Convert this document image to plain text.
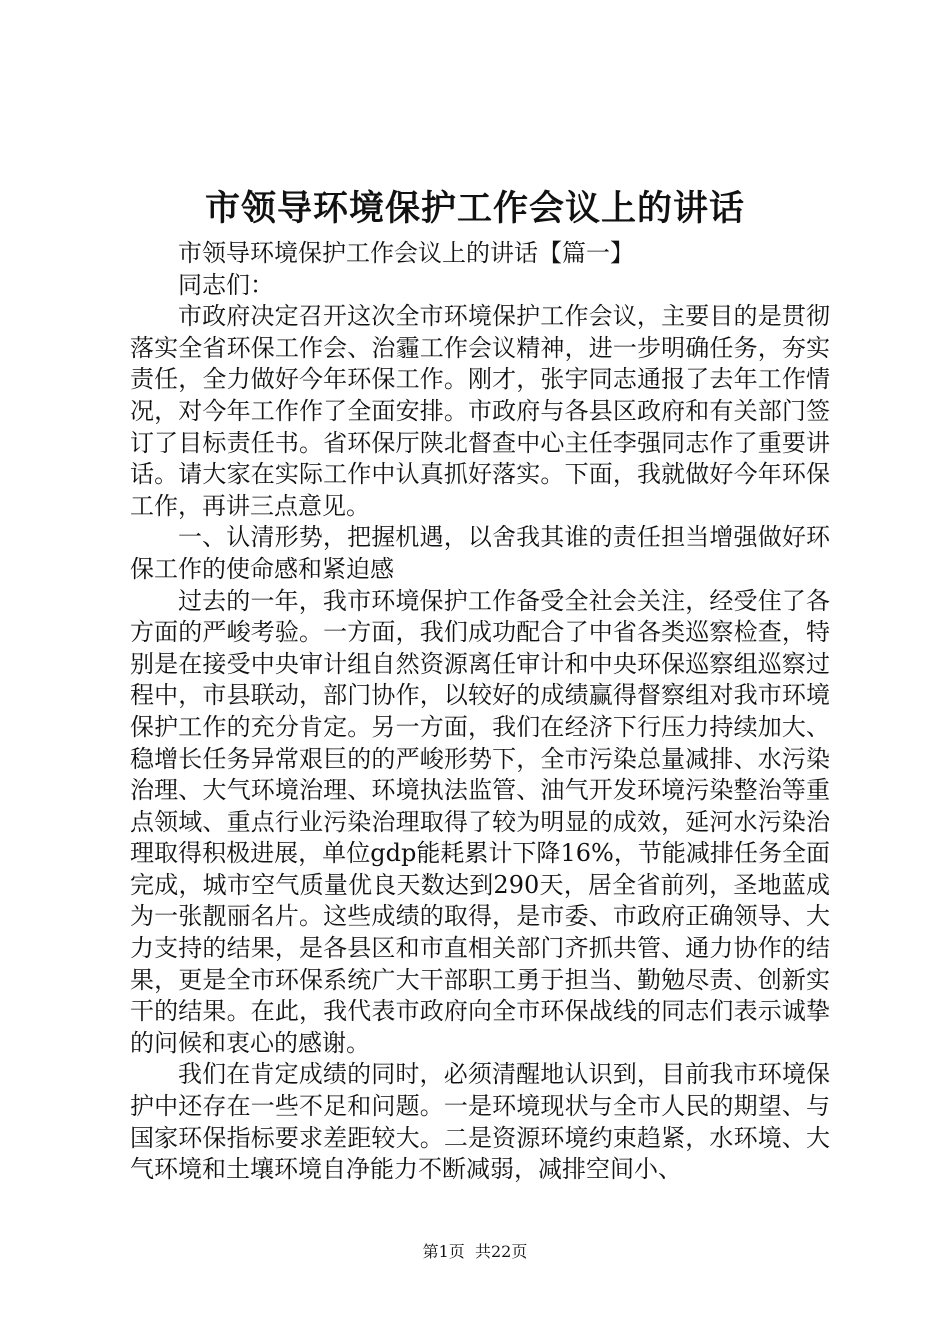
市领导环境保护工作会议上的讲话

市领导环境保护工作会议上的讲话【篇一】

同志们：

市政府决定召开这次全市环境保护工作会议，主要目的是贯彻落实全省环保工作会、治霾工作会议精神，进一步明确任务，夯实责任，全力做好今年环保工作。刚才，张宇同志通报了去年工作情况，对今年工作作了全面安排。市政府与各县区政府和有关部门签订了目标责任书。省环保厅陕北督查中心主任李强同志作了重要讲话。请大家在实际工作中认真抓好落实。下面，我就做好今年环保工作，再讲三点意见。

一、认清形势，把握机遇，以舍我其谁的责任担当增强做好环保工作的使命感和紧迫感

过去的一年，我市环境保护工作备受全社会关注，经受住了各方面的严峻考验。一方面，我们成功配合了中省各类巡察检查，特别是在接受中央审计组自然资源离任审计和中央环保巡察组巡察过程中，市县联动，部门协作，以较好的成绩赢得督察组对我市环境保护工作的充分肯定。另一方面，我们在经济下行压力持续加大、稳增长任务异常艰巨的的严峻形势下，全市污染总量减排、水污染治理、大气环境治理、环境执法监管、油气开发环境污染整治等重点领域、重点行业污染治理取得了较为明显的成效，延河水污染治理取得积极进展，单位gdp能耗累计下降16%，节能减排任务全面完成，城市空气质量优良天数达到290天，居全省前列，圣地蓝成为一张靓丽名片。这些成绩的取得，是市委、市政府正确领导、大力支持的结果，是各县区和市直相关部门齐抓共管、通力协作的结果，更是全市环保系统广大干部职工勇于担当、勤勉尽责、创新实干的结果。在此，我代表市政府向全市环保战线的同志们表示诚挚的问候和衷心的感谢。

我们在肯定成绩的同时，必须清醒地认识到，目前我市环境保护中还存在一些不足和问题。一是环境现状与全市人民的期望、与国家环保指标要求差距较大。二是资源环境约束趋紧，水环境、大气环境和土壤环境自净能力不断减弱，减排空间小、

第1页 共22页
